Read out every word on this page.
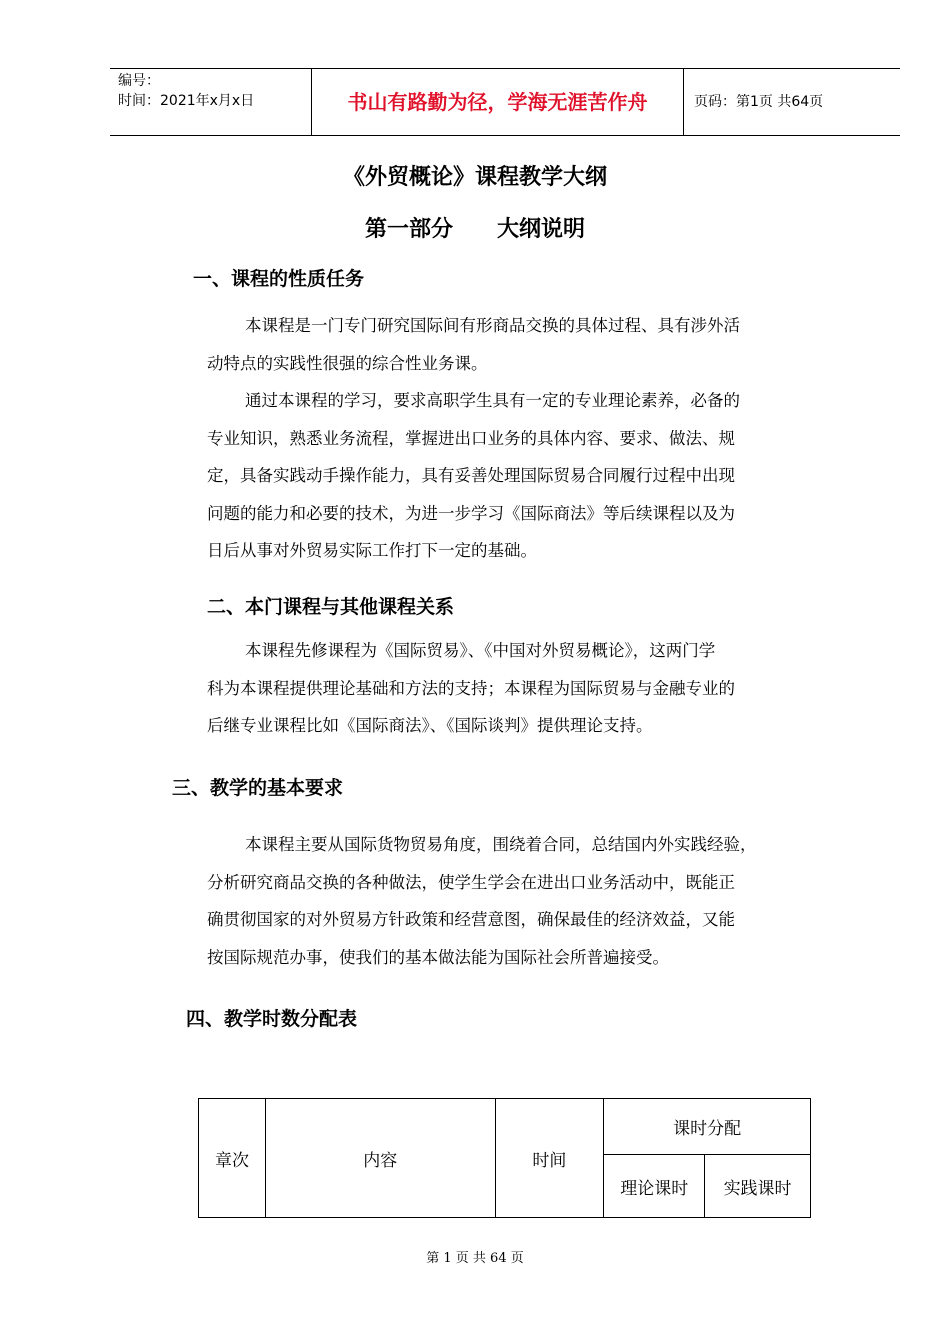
编号：
时间：2021年x月x日	书山有路勤为径，学海无涯苦作舟	页码：第1页 共64页
《外贸概论》课程教学大纲
第一部分 大纲说明
一、课程的性质任务
本课程是一门专门研究国际间有形商品交换的具体过程、具有涉外活
动特点的实践性很强的综合性业务课。
通过本课程的学习，要求高职学生具有一定的专业理论素养，必备的
专业知识，熟悉业务流程，掌握进出口业务的具体内容、要求、做法、规
定，具备实践动手操作能力，具有妥善处理国际贸易合同履行过程中出现
问题的能力和必要的技术，为进一步学习《国际商法》等后续课程以及为
日后从事对外贸易实际工作打下一定的基础。
二、本门课程与其他课程关系
本课程先修课程为《国际贸易》、《中国对外贸易概论》，这两门学
科为本课程提供理论基础和方法的支持；本课程为国际贸易与金融专业的
后继专业课程比如《国际商法》、《国际谈判》提供理论支持。
三、教学的基本要求
本课程主要从国际货物贸易角度，围绕着合同，总结国内外实践经验，
分析研究商品交换的各种做法，使学生学会在进出口业务活动中，既能正
确贯彻国家的对外贸易方针政策和经营意图，确保最佳的经济效益，又能
按国际规范办事，使我们的基本做法能为国际社会所普遍接受。
四、教学时数分配表
章次	内容	时间	课时分配	
			理论课时	实践课时
第 1 页 共 64 页
